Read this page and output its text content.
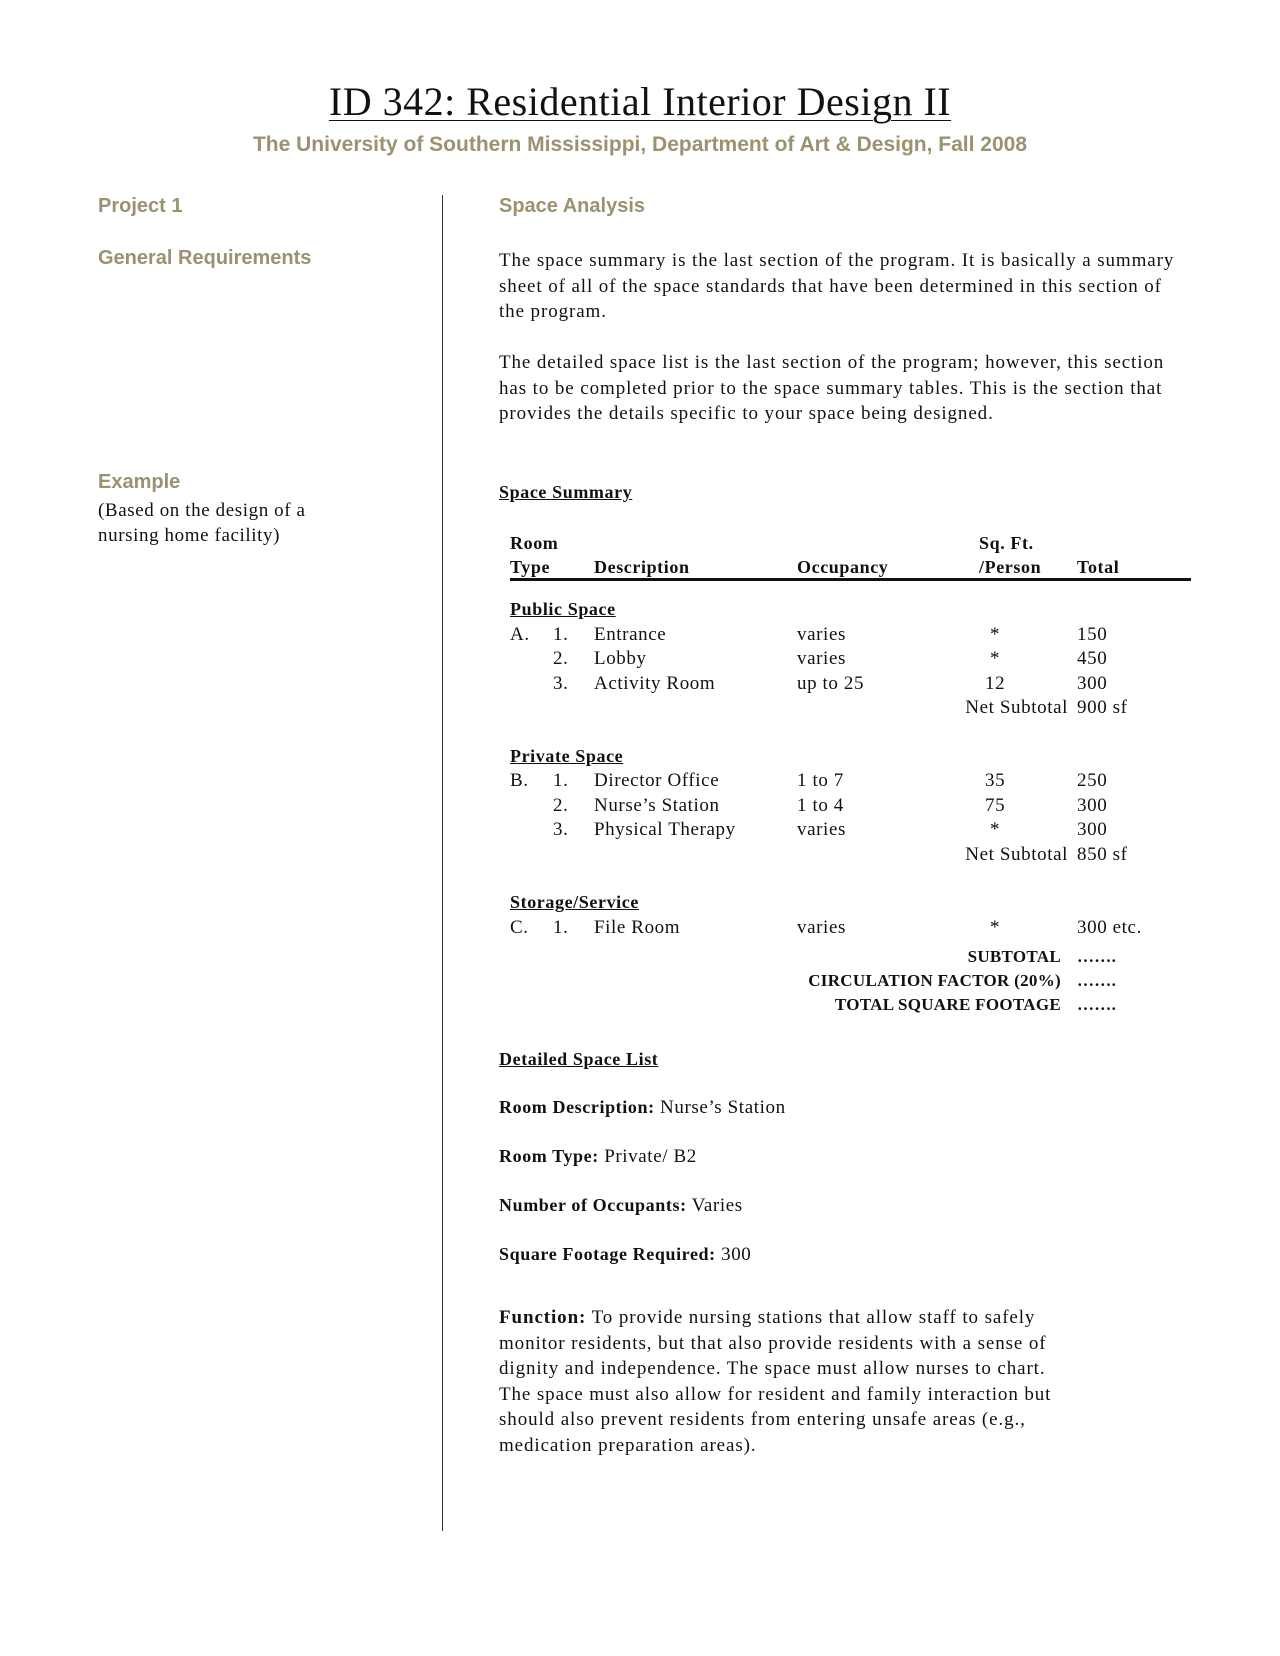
ID 342: Residential Interior Design II
The University of Southern Mississippi, Department of Art & Design, Fall 2008
Project 1
General Requirements
Example
(Based on the design of a
nursing home facility)
Space Analysis

The space summary is the last section of the program. It is basically a summary sheet of all of the space standards that have been determined in this section of the program.

The detailed space list is the last section of the program; however, this section has to be completed prior to the space summary tables. This is the section that provides the details specific to your space being designed.

Space Summary
Room	Sq. Ft.
Type Description	Occupancy	/Person Total
Public Space
A. 1. Entrance	varies	*	150
2. Lobby	varies	*	450
3. Activity Room	up to 25	12	300
Net Subtotal 900 sf
Private Space
B. 1. Director Office	1 to 7	35	250
2. Nurse’s Station	1 to 4	75	300
3. Physical Therapy	varies	*	300
Net Subtotal 850 sf
Storage/Service
C. 1. File Room	varies	*	300 etc.
SUBTOTAL …….
CIRCULATION FACTOR (20%) …….
TOTAL SQUARE FOOTAGE …….
Detailed Space List
Room Description: Nurse’s Station
Room Type: Private/ B2
Number of Occupants: Varies
Square Footage Required: 300
Function: To provide nursing stations that allow staff to safely
monitor residents, but that also provide residents with a sense of
dignity and independence. The space must allow nurses to chart.
The space must also allow for resident and family interaction but
should also prevent residents from entering unsafe areas (e.g.,
medication preparation areas).
